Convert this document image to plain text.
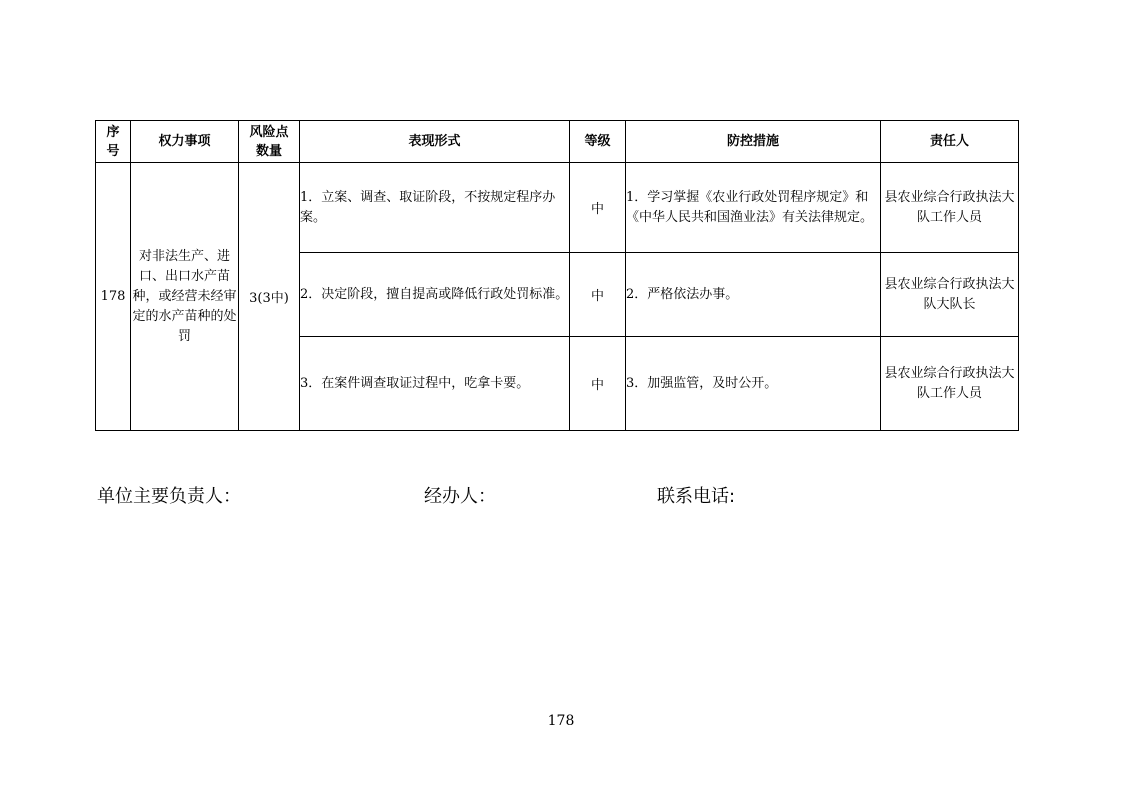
序号	权力事项	风险点数量	表现形式	等级	防控措施	责任人
178	对非法生产、进口、出口水产苗种，或经营未经审定的水产苗种的处罚	3(3中)	1．立案、调查、取证阶段，不按规定程序办案。	中	1．学习掌握《农业行政处罚程序规定》和《中华人民共和国渔业法》有关法律规定。	县农业综合行政执法大队工作人员
			2．决定阶段，擅自提高或降低行政处罚标准。	中	2．严格依法办事。	县农业综合行政执法大队大队长
			3．在案件调查取证过程中，吃拿卡要。	中	3．加强监管，及时公开。	县农业综合行政执法大队工作人员
单位主要负责人：	经办人：	联系电话:
178
